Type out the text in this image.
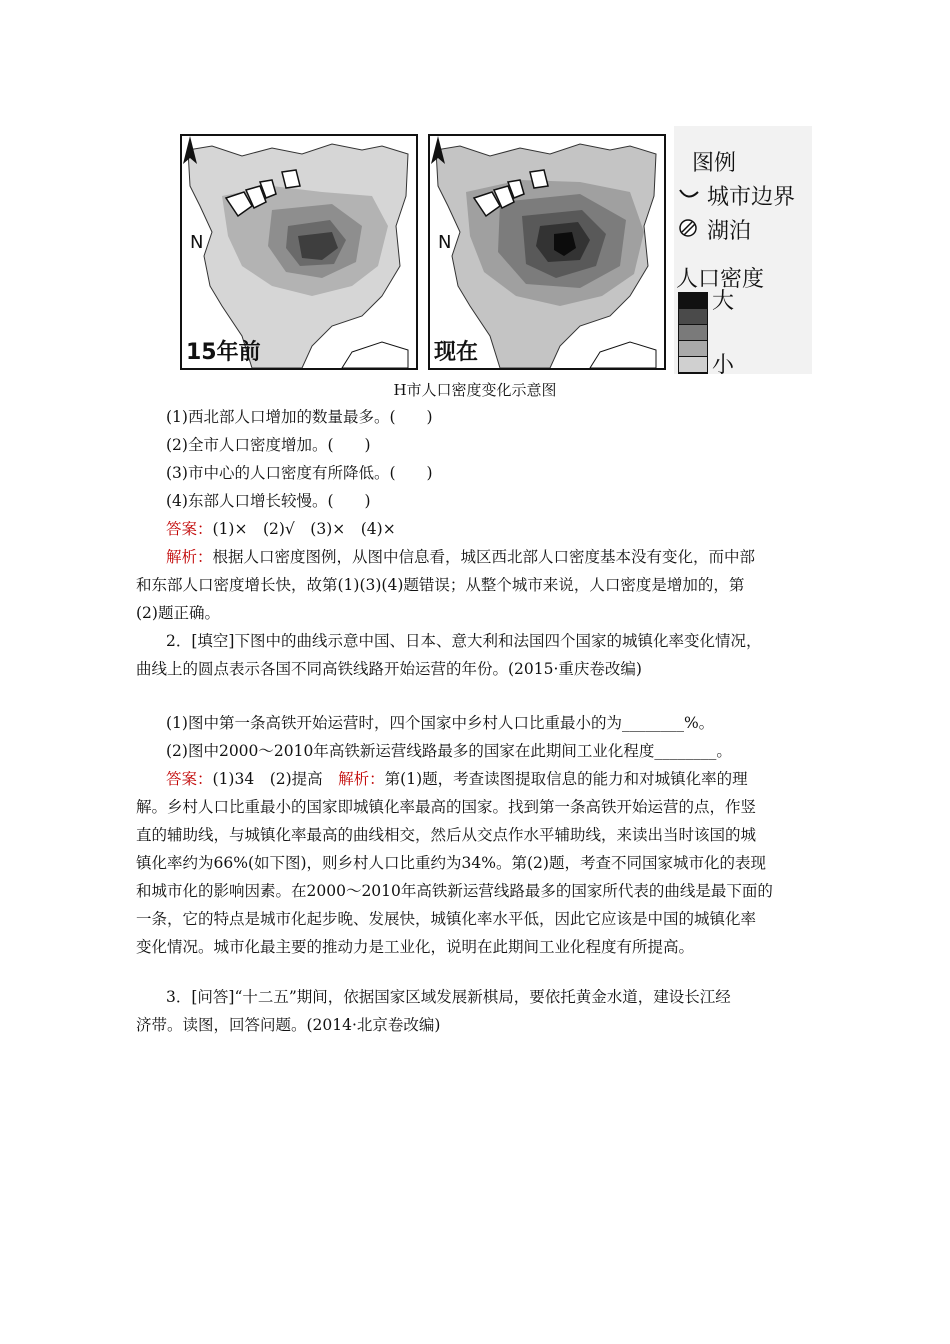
N
15年前
N
现在
图例
城市边界
湖泊
人口密度
大
小
H市人口密度变化示意图
(1)西北部人口增加的数量最多。(　　)
(2)全市人口密度增加。(　　)
(3)市中心的人口密度有所降低。(　　)
(4)东部人口增长较慢。(　　)
答案：(1)×　(2)√　(3)×　(4)×
解析：根据人口密度图例，从图中信息看，城区西北部人口密度基本没有变化，而中部
和东部人口密度增长快，故第(1)(3)(4)题错误；从整个城市来说，人口密度是增加的，第
(2)题正确。
2．[填空]下图中的曲线示意中国、日本、意大利和法国四个国家的城镇化率变化情况，
曲线上的圆点表示各国不同高铁线路开始运营的年份。(2015·重庆卷改编)
(1)图中第一条高铁开始运营时，四个国家中乡村人口比重最小的为________%。
(2)图中2000～2010年高铁新运营线路最多的国家在此期间工业化程度________。
答案：(1)34　(2)提高　解析：第(1)题，考查读图提取信息的能力和对城镇化率的理
解。乡村人口比重最小的国家即城镇化率最高的国家。找到第一条高铁开始运营的点，作竖
直的辅助线，与城镇化率最高的曲线相交，然后从交点作水平辅助线，来读出当时该国的城
镇化率约为66%(如下图)，则乡村人口比重约为34%。第(2)题，考查不同国家城市化的表现
和城市化的影响因素。在2000～2010年高铁新运营线路最多的国家所代表的曲线是最下面的
一条，它的特点是城市化起步晚、发展快，城镇化率水平低，因此它应该是中国的城镇化率
变化情况。城市化最主要的推动力是工业化，说明在此期间工业化程度有所提高。
3．[问答]“十二五”期间，依据国家区域发展新棋局，要依托黄金水道，建设长江经
济带。读图，回答问题。(2014·北京卷改编)
